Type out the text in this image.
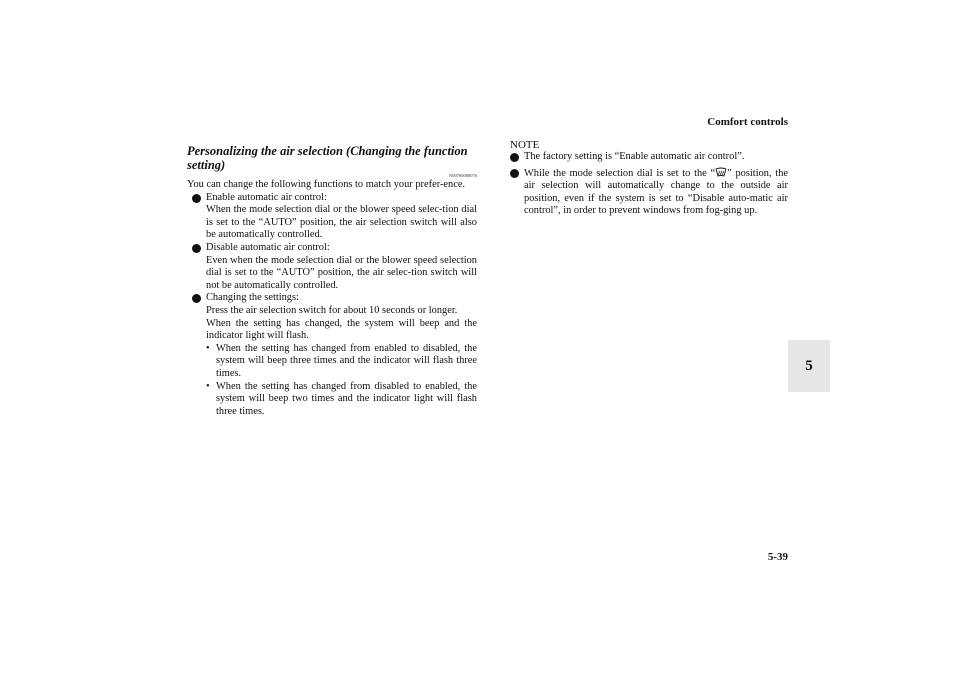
Comfort controls
5
5-39
Personalizing the air selection (Changing the function setting)
N00766000076

You can change the following functions to match your prefer-ence.

Enable automatic air control:

When the mode selection dial or the blower speed selec-tion dial is set to the “AUTO” position, the air selection switch will also be automatically controlled.

Disable automatic air control:

Even when the mode selection dial or the blower speed selection dial is set to the “AUTO” position, the air selec-tion switch will not be automatically controlled.

Changing the settings:

Press the air selection switch for about 10 seconds or longer.

When the setting has changed, the system will beep and the indicator light will flash.

• When the setting has changed from enabled to disabled, the system will beep three times and the indicator will flash three times.
• When the setting has changed from disabled to enabled, the system will beep two times and the indicator light will flash three times.
NOTE

The factory setting is “Enable automatic air control”.

While the mode selection dial is set to the “ ” position, the air selection will automatically change to the outside air position, even if the system is set to “Disable auto-matic air control”, in order to prevent windows from fog-ging up.
